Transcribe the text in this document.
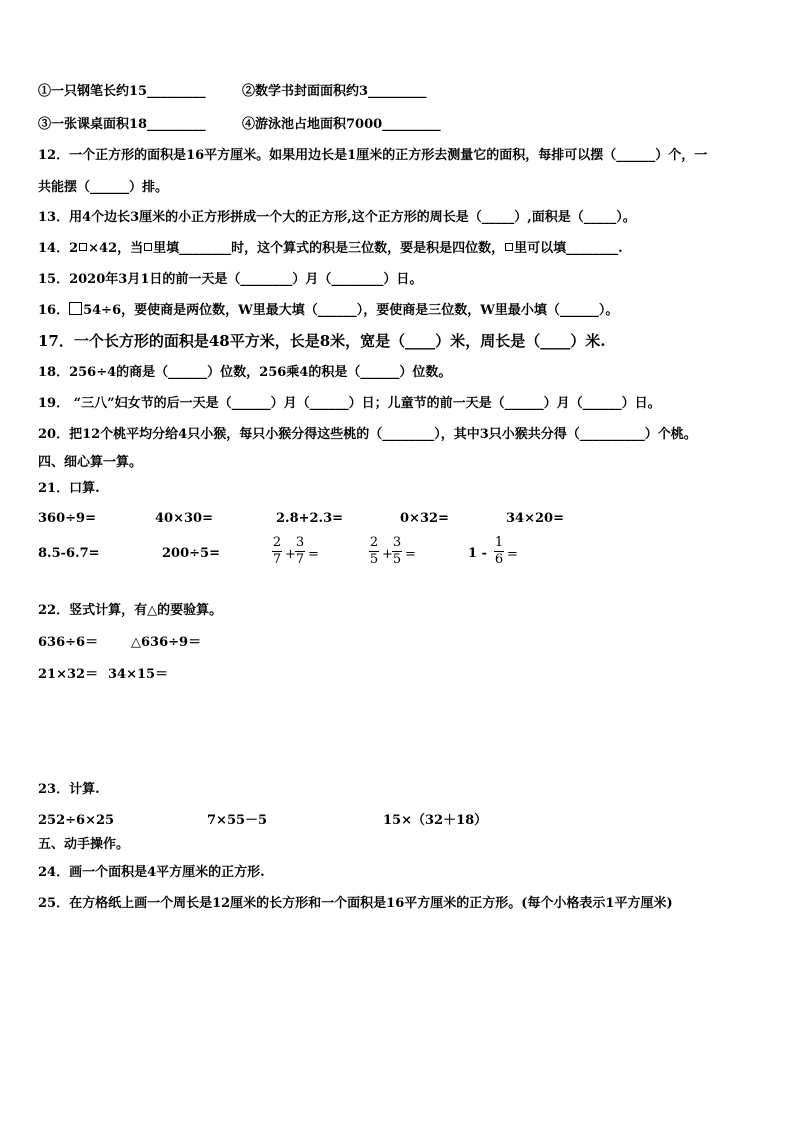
①一只钢笔长约15_________	②数学书封面面积约3_________
③一张课桌面积18_________	④游泳池占地面积7000_________
12．一个正方形的面积是16平方厘米。如果用边长是1厘米的正方形去测量它的面积，每排可以摆（______）个，一
共能摆（______）排。
13．用4个边长3厘米的小正方形拼成一个大的正方形,这个正方形的周长是（_____）,面积是（_____）。
14．2 ×42，当 里填________时，这个算式的积是三位数，要是积是四位数， 里可以填________.
15．2020年3月1日的前一天是（________）月（________）日。
16． 54÷6，要使商是两位数，W里最大填（______），要使商是三位数，W里最小填（______）。
17．一个长方形的面积是48平方米，长是8米，宽是（____）米，周长是（____）米.
18．256÷4的商是（______）位数，256乘4的积是（______）位数。
19． “三八”妇女节的后一天是（______）月（______）日；儿童节的前一天是（______）月（______）日。
20．把12个桃平均分给4只小猴，每只小猴分得这些桃的（________），其中3只小猴共分得（__________）个桃。
四、细心算一算。
21．口算.
360÷9=	40×30=	2.8+2.3=	0×32=	34×20=
8.5-6.7=	200÷5=	$\frac{2}{7} + \frac{3}{7}$ =	$\frac{2}{5} + \frac{3}{5}$ =	$1 - \frac{1}{6}$ =
22．竖式计算，有△的要验算。
636÷6＝	△636÷9＝
21×32＝ 34×15＝
23．计算.
252÷6×25	7×55－5	15×（32＋18）
五、动手操作。
24．画一个面积是4平方厘米的正方形.
25．在方格纸上画一个周长是12厘米的长方形和一个面积是16平方厘米的正方形。(每个小格表示1平方厘米)
